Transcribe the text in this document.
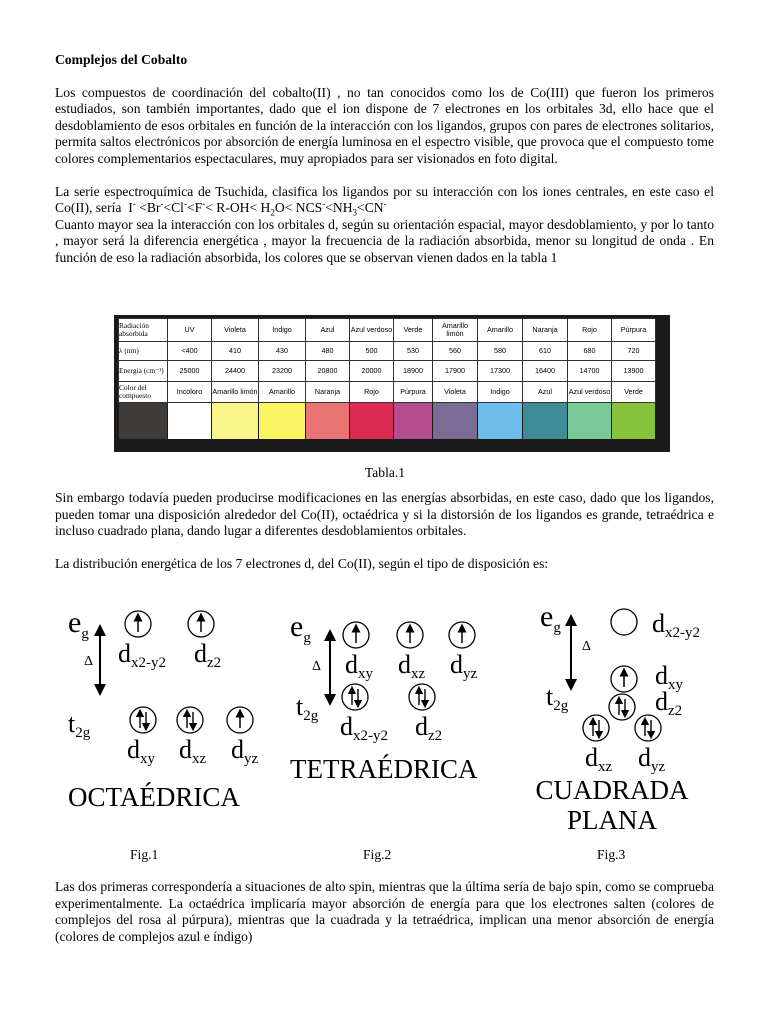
Complejos del Cobalto

Los compuestos de coordinación del cobalto(II) , no tan conocidos como los de Co(III) que fueron los primeros estudiados, son también importantes, dado que el ion dispone de 7 electrones en los orbitales 3d, ello hace que el desdoblamiento de esos orbitales en función de la interacción con los ligandos, grupos con pares de electrones solitarios, permita saltos electrónicos por absorción de energía luminosa en el espectro visible, que provoca que el compuesto tome colores complementarios espectaculares, muy apropiados para ser visionados en foto digital.

La serie espectroquímica de Tsuchida, clasifica los ligandos por su interacción con los iones centrales, en este caso el Co(II), sería $I^- <Br^-<Cl^-<F^-< R-OH< H_2O< NCS^-<NH_3<CN^-$

Cuanto mayor sea la interacción con los orbitales d, según su orientación espacial, mayor desdoblamiento, y por lo tanto , mayor será la diferencia energética , mayor la frecuencia de la radiación absorbida, menor su longitud de onda . En función de eso la radiación absorbida, los colores que se observan vienen dados en la tabla 1

Radiación absorbida	UV	Violeta	Indigo	Azul	Azul verdoso	Verde	Amarillo limón	Amarillo	Naranja	Rojo	Púrpura
λ (nm)	<400	410	430	480	500	530	560	580	610	680	720
Energía (cm⁻¹)	25000	24400	23200	20800	20000	18900	17900	17300	16400	14700	13900
Color del compuesto	Incoloro	Amarillo limón	Amarillo	Naranja	Rojo	Púrpura	Violeta	Indigo	Azul	Azul verdoso	Verde

Tabla.1

Sin embargo todavía pueden producirse modificaciones en las energías absorbidas, en este caso, dado que los ligandos, pueden tomar una disposición alrededor del Co(II), octaédrica y si la distorsión de los ligandos es grande, tetraédrica e incluso cuadrado plana, dando lugar a diferentes desdoblamientos orbitales.

La distribución energética de los 7 electrones d, del Co(II), según el tipo de disposición es:

$e_g$
Δ dx2-y2 dz2
t2g
dxy dxz dyz
OCTAÉDRICA
$e_g$
Δ dxy dxz dyz
t2g dx2-y2 dz2
TETRAÉDRICA
$e_g$
Δ
dx2-y2
dxy
t2g	dz2
dxz dyz
CUADRADA
PLANA
Fig.1	Fig.2	Fig.3
Las dos primeras correspondería a situaciones de alto spin, mientras que la última sería de bajo spin, como se comprueba experimentalmente. La octaédrica implicaría mayor absorción de energía para que los electrones salten (colores de complejos del rosa al púrpura), mientras que la cuadrada y la tetraédrica, implican una menor absorción de energía (colores de complejos azul e índigo)
